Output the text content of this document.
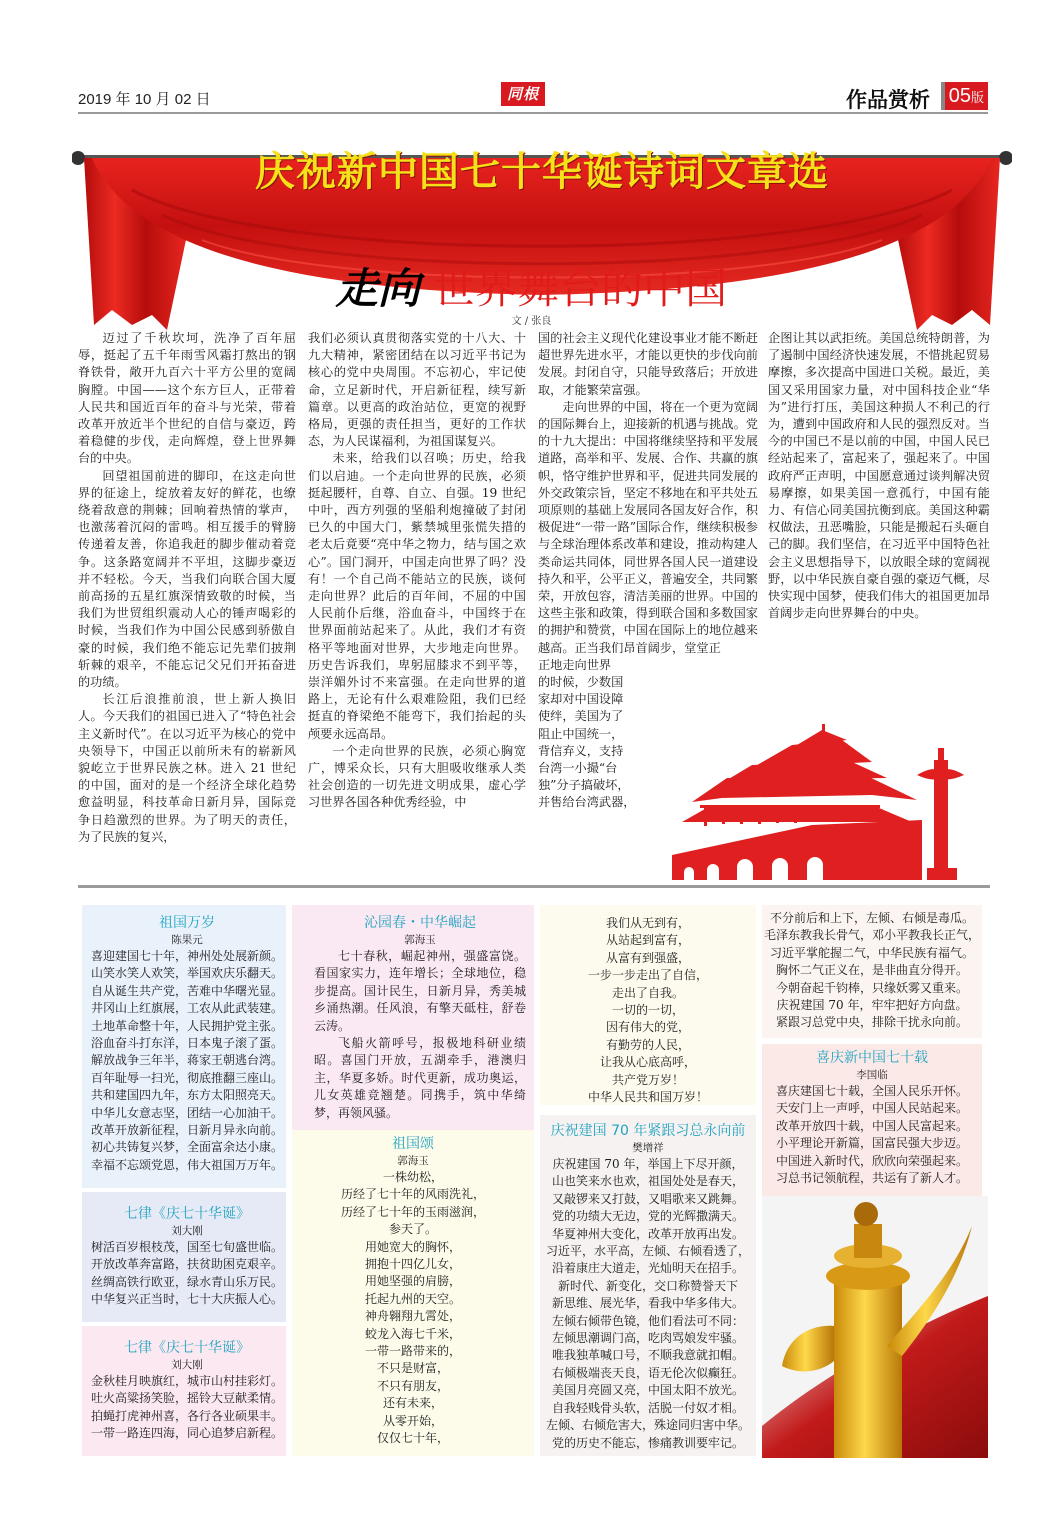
2019 年 10 月 02 日	同根	作品赏析 05版
庆祝新中国七十华诞诗词文章选
走向 世界舞台的中国
文 / 张良

迈过了千秋坎坷，洗净了百年屈辱，挺起了五千年雨雪风霜打熬出的钢脊铁骨，敞开九百六十平方公里的宽阔胸膛。中国——这个东方巨人，正带着人民共和国近百年的奋斗与光荣，带着改革开放近半个世纪的自信与豪迈，跨着稳健的步伐，走向辉煌，登上世界舞台的中央。

回望祖国前进的脚印，在这走向世界的征途上，绽放着友好的鲜花，也缭绕着敌意的荆棘；回响着热情的掌声，也激荡着沉闷的雷鸣。相互援手的臂膀传递着友善，你追我赶的脚步催动着竞争。这条路宽阔并不平坦，这脚步豪迈并不轻松。今天，当我们向联合国大厦前高扬的五星红旗深情致敬的时候，当我们为世贸组织震动人心的锤声喝彩的时候，当我们作为中国公民感到骄傲自豪的时候，我们绝不能忘记先辈们披荆斩棘的艰辛，不能忘记父兄们开拓奋进的功绩。

长江后浪推前浪，世上新人换旧人。今天我们的祖国已进入了“特色社会主义新时代”。在以习近平为核心的党中央领导下，中国正以前所未有的崭新风貌屹立于世界民族之林。进入 21 世纪的中国，面对的是一个经济全球化趋势愈益明显，科技革命日新月异，国际竞争日趋激烈的世界。为了明天的责任，为了民族的复兴，

我们必须认真贯彻落实党的十八大、十九大精神，紧密团结在以习近平书记为核心的党中央周围。不忘初心，牢记使命，立足新时代，开启新征程，续写新篇章。以更高的政治站位，更宽的视野格局，更强的责任担当，更好的工作状态，为人民谋福利，为祖国谋复兴。

未来，给我们以召唤；历史，给我们以启迪。一个走向世界的民族，必须挺起腰杆，自尊、自立、自强。19 世纪中叶，西方列强的坚船利炮撞破了封闭已久的中国大门，紫禁城里张慌失措的老太后竟要“亮中华之物力，结与国之欢心”。国门洞开，中国走向世界了吗？没有！一个自己尚不能站立的民族，谈何走向世界？此后的百年间，不屈的中国人民前仆后继，浴血奋斗，中国终于在世界面前站起来了。从此，我们才有资格平等地面对世界，大步地走向世界。历史告诉我们，卑躬屈膝求不到平等，崇洋媚外讨不来富强。在走向世界的道路上，无论有什么艰难险阻，我们已经挺直的脊梁绝不能弯下，我们抬起的头颅要永远高昂。

一个走向世界的民族，必须心胸宽广，博采众长，只有大胆吸收继承人类社会创造的一切先进文明成果，虚心学习世界各国各种优秀经验，中

国的社会主义现代化建设事业才能不断赶超世界先进水平，才能以更快的步伐向前发展。封闭自守，只能导致落后；开放进取，才能繁荣富强。

走向世界的中国，将在一个更为宽阔的国际舞台上，迎接新的机遇与挑战。党的十九大提出：中国将继续坚持和平发展道路，高举和平、发展、合作、共赢的旗帜，恪守维护世界和平，促进共同发展的外交政策宗旨，坚定不移地在和平共处五项原则的基础上发展同各国友好合作，积极促进“一带一路”国际合作，继续积极参与全球治理体系改革和建设，推动构建人类命运共同体，同世界各国人民一道建设持久和平，公平正义，普遍安全，共同繁荣，开放包容，清洁美丽的世界。中国的这些主张和政策，得到联合国和多数国家的拥护和赞赏，中国在国际上的地位越来越高。正当我们昂首阔步，堂堂正

正地走向世界
的时候，少数国
家却对中国设障
使绊，美国为了
阻止中国统一，
背信弃义，支持
台湾一小撮“台
独”分子搞破坏，
并售给台湾武器，

企图让其以武拒统。美国总统特朗普，为了遏制中国经济快速发展，不惜挑起贸易摩擦，多次提高中国进口关税。最近，美国又采用国家力量，对中国科技企业“华为”进行打压，美国这种损人不利己的行为，遭到中国政府和人民的强烈反对。当今的中国已不是以前的中国，中国人民已经站起来了，富起来了，强起来了。中国政府严正声明，中国愿意通过谈判解决贸易摩擦，如果美国一意孤行，中国有能力、有信心同美国抗衡到底。美国这种霸权做法，丑恶嘴脸，只能是搬起石头砸自己的脚。我们坚信，在习近平中国特色社会主义思想指导下，以放眼全球的宽阔视野，以中华民族自豪自强的豪迈气概，尽快实现中国梦，使我们伟大的祖国更加昂首阔步走向世界舞台的中央。

祖国万岁
陈果元
喜迎建国七十年，神州处处展新颜。
山笑水笑人欢笑，举国欢庆乐翻天。
自从诞生共产党，苦难中华曙光显。
井冈山上红旗展，工农从此武装建。
土地革命整十年，人民拥护党主张。
浴血奋斗打东洋，日本鬼子滚了蛋。
解放战争三年半，蒋家王朝逃台湾。
百年耻辱一扫光，彻底推翻三座山。
共和建国四九年，东方太阳照亮天。
中华儿女意志坚，团结一心加油干。
改革开放新征程，日新月异永向前。
初心共铸复兴梦，全面富余达小康。
幸福不忘颂党恩，伟大祖国万万年。
七律《庆七十华诞》
刘大刚
树活百岁根枝茂，国至七旬盛世临。
开放改革奔富路，扶贫助困克艰辛。
丝绸高铁行欧亚，绿水青山乐万民。
中华复兴正当时，七十大庆振人心。
七律《庆七十华诞》
刘大刚
金秋桂月映旗红，城市山村挂彩灯。
吐火高粱扬笑脸，摇铃大豆献柔情。
拍蝇打虎神州喜，各行各业硕果丰。
一带一路连四海，同心追梦启新程。
沁园春・中华崛起
郭海玉

七十春秋，崛起神州，强盛富饶。看国家实力，连年增长；全球地位，稳步提高。国计民生，日新月异，秀美城乡涌热潮。任风浪，有擎天砥柱，舒卷云涛。

飞船火箭呼号，报极地科研业绩昭。喜国门开放，五湖牵手，港澳归主，华夏多娇。时代更新，成功奥运，儿女英雄竞翘楚。同携手，筑中华绮梦，再领风骚。

祖国颂
郭海玉
一株幼松，
历经了七十年的风雨洗礼，
历经了七十年的玉雨滋润，
参天了。
用她宽大的胸怀，
拥抱十四亿儿女，
用她坚强的肩膀，
托起九州的天空。
神舟翱翔九霄处，
蛟龙入海七千米，
一带一路带来的，
不只是财富，
不只有朋友，
还有未来，
从零开始，
仅仅七十年，
我们从无到有，
从站起到富有，
从富有到强盛，
一步一步走出了自信，
走出了自我。
一切的一切，
因有伟大的党，
有勤劳的人民，
让我从心底高呼，
共产党万岁！
中华人民共和国万岁！
庆祝建国 70 年紧跟习总永向前
樊增祥
庆祝建国 70 年，举国上下尽开颜，
山也笑来水也欢，祖国处处是春天，
又敲锣来又打鼓，又唱歌来又跳舞。
党的功绩大无边，党的光辉撒满天。
华夏神州大变化，改革开放再出发。
习近平，水平高，左倾、右倾看透了，
沿着康庄大道走，光灿明天在招手。
新时代、新变化，交口称赞誉天下
新思维、展光华，看我中华多伟大。
左倾右倾带色镜，他们看法可不同：
左倾思潮调门高，吃肉骂娘发牢骚。
唯我独革喊口号，不顺我意就扣帽。
右倾极端丧天良，语无伦次似癫狂。
美国月亮圆又亮，中国太阳不放光。
自我轻贱骨头软，活脱一付奴才相。
左倾、右倾危害大，殊途同归害中华。
党的历史不能忘，惨痛教训要牢记。
不分前后和上下，左倾、右倾是毒瓜。
毛泽东教我长骨气，邓小平教我长正气，
习近平掌舵握二气，中华民族有福气。
胸怀二气正义在，是非曲直分得开。
今朝奋起千钧棒，只缘妖雾又重来。
庆祝建国 70 年，牢牢把好方向盘。
紧跟习总党中央，排除干扰永向前。
喜庆新中国七十载
李国临
喜庆建国七十载，全国人民乐开怀。
天安门上一声呼，中国人民站起来。
改革开放四十载，中国人民富起来。
小平理论开新篇，国富民强大步迈。
中国进入新时代，欣欣向荣强起来。
习总书记领航程，共运有了新人才。
